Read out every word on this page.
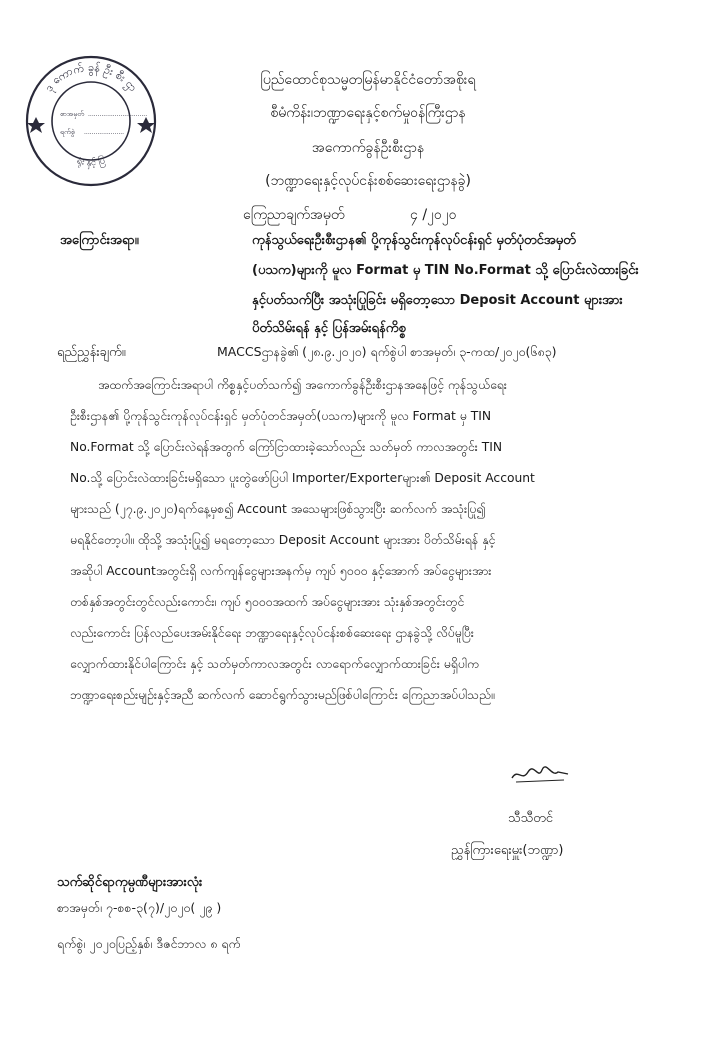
ဒု ကောက် ခွန် ဦး စီး ဌာ
ရုံး နှင့် ပြ
စာအမှတ် ...............................
ရက်စွဲ .....................
ပြည်ထောင်စုသမ္မတမြန်မာနိုင်ငံတော်အစိုးရ
စီမံကိန်း၊ဘဏ္ဍာရေးနှင့်စက်မှုဝန်ကြီးဌာန
အကောက်ခွန်ဦးစီးဌာန
(ဘဏ္ဍာရေးနှင့်လုပ်ငန်းစစ်ဆေးရေးဌာနခွဲ)
ကြေညာချက်အမှတ်	၄ /၂၀၂၀
အကြောင်းအရာ။	ကုန်သွယ်ရေးဦးစီးဌာန၏ ပို့ကုန်သွင်းကုန်လုပ်ငန်းရှင် မှတ်ပုံတင်အမှတ်
(ပသက)များကို မူလ Format မှ TIN No.Format သို့ ပြောင်းလဲထားခြင်း
နှင့်ပတ်သက်ပြီး အသုံးပြုခြင်း မရှိတော့သော Deposit Account များအား
ပိတ်သိမ်းရန် နှင့် ပြန်အမ်းရန်ကိစ္စ
ရည်ညွှန်းချက်။	MACCSဌာနခွဲ၏ (၂၈.၉.၂၀၂၀) ရက်စွဲပါ စာအမှတ်၊ ၃-ကထ/၂၀၂၀(၆၈၃)
အထက်အကြောင်းအရာပါ ကိစ္စနှင့်ပတ်သက်၍ အကောက်ခွန်ဦးစီးဌာနအနေဖြင့် ကုန်သွယ်ရေး
ဦးစီးဌာန၏ ပို့ကုန်သွင်းကုန်လုပ်ငန်းရှင် မှတ်ပုံတင်အမှတ်(ပသက)များကို မူလ Format မှ TIN
No.Format သို့ ပြောင်းလဲရန်အတွက် ကြော်ငြာထားခဲ့သော်လည်း သတ်မှတ် ကာလအတွင်း TIN
No.သို့ ပြောင်းလဲထားခြင်းမရှိသော ပူးတွဲဖော်ပြပါ Importer/Exporterများ၏ Deposit Account
များသည် (၂၇.၉.၂၀၂၀)ရက်နေ့မှစ၍ Account အသေများဖြစ်သွားပြီး ဆက်လက် အသုံးပြု၍
မရနိုင်တော့ပါ။ ထိုသို့ အသုံးပြု၍ မရတော့သော Deposit Account များအား ပိတ်သိမ်းရန် နှင့်
အဆိုပါ Accountအတွင်းရှိ လက်ကျန်ငွေများအနက်မှ ကျပ် ၅၀၀၀ နှင့်အောက် အပ်ငွေများအား
တစ်နှစ်အတွင်းတွင်လည်းကောင်း၊ ကျပ် ၅၀၀၀အထက် အပ်ငွေများအား သုံးနှစ်အတွင်းတွင်
လည်းကောင်း ပြန်လည်ပေးအမ်းနိုင်ရေး ဘဏ္ဍာရေးနှင့်လုပ်ငန်းစစ်ဆေးရေး ဌာနခွဲသို့ လိပ်မူပြီး
လျှောက်ထားနိုင်ပါကြောင်း နှင့် သတ်မှတ်ကာလအတွင်း လာရောက်လျှောက်ထားခြင်း မရှိပါက
ဘဏ္ဍာရေးစည်းမျဉ်းနှင့်အညီ ဆက်လက် ဆောင်ရွက်သွားမည်ဖြစ်ပါကြောင်း ကြေညာအပ်ပါသည်။
သီသီတင်
ညွှန်ကြားရေးမှူး(ဘဏ္ဍာ)
သက်ဆိုင်ရာကုမ္ပဏီများအားလုံး
စာအမှတ်၊ ၇-စစ-၃(၇)/၂၀၂၀( ၂၉ )
ရက်စွဲ၊ ၂၀၂၀ပြည့်နှစ်၊ ဒီဇင်ဘာလ ၈ ရက်
